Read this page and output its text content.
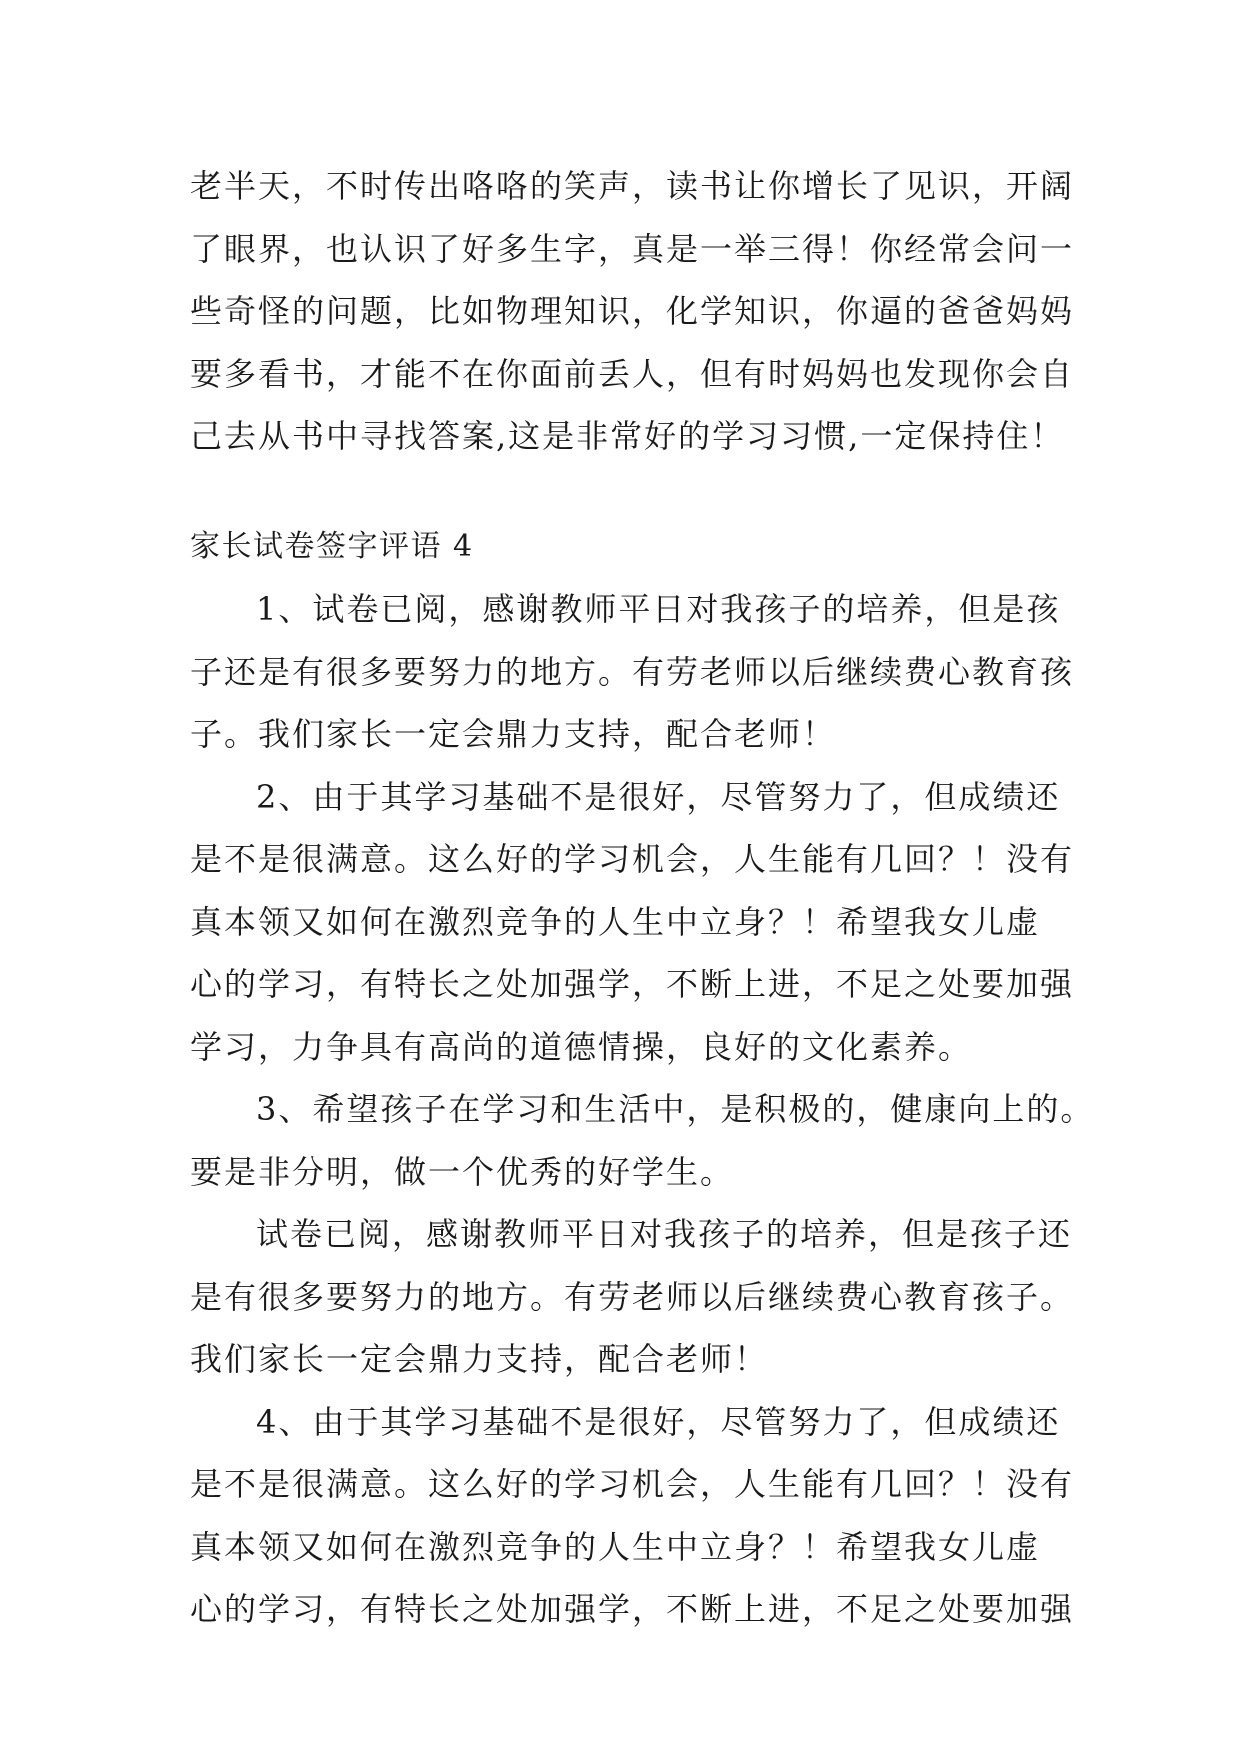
老半天，不时传出咯咯的笑声，读书让你增长了见识，开阔
了眼界，也认识了好多生字，真是一举三得！你经常会问一
些奇怪的问题，比如物理知识，化学知识，你逼的爸爸妈妈
要多看书，才能不在你面前丢人，但有时妈妈也发现你会自
己去从书中寻找答案,这是非常好的学习习惯,一定保持住！
家长试卷签字评语 4
1、试卷已阅，感谢教师平日对我孩子的培养，但是孩
子还是有很多要努力的地方。有劳老师以后继续费心教育孩
子。我们家长一定会鼎力支持，配合老师！
2、由于其学习基础不是很好，尽管努力了，但成绩还
是不是很满意。这么好的学习机会，人生能有几回？！没有
真本领又如何在激烈竞争的人生中立身？！希望我女儿虚
心的学习，有特长之处加强学，不断上进，不足之处要加强
学习，力争具有高尚的道德情操，良好的文化素养。
3、希望孩子在学习和生活中，是积极的，健康向上的。
要是非分明，做一个优秀的好学生。
试卷已阅，感谢教师平日对我孩子的培养，但是孩子还
是有很多要努力的地方。有劳老师以后继续费心教育孩子。
我们家长一定会鼎力支持，配合老师！
4、由于其学习基础不是很好，尽管努力了，但成绩还
是不是很满意。这么好的学习机会，人生能有几回？！没有
真本领又如何在激烈竞争的人生中立身？！希望我女儿虚
心的学习，有特长之处加强学，不断上进，不足之处要加强
